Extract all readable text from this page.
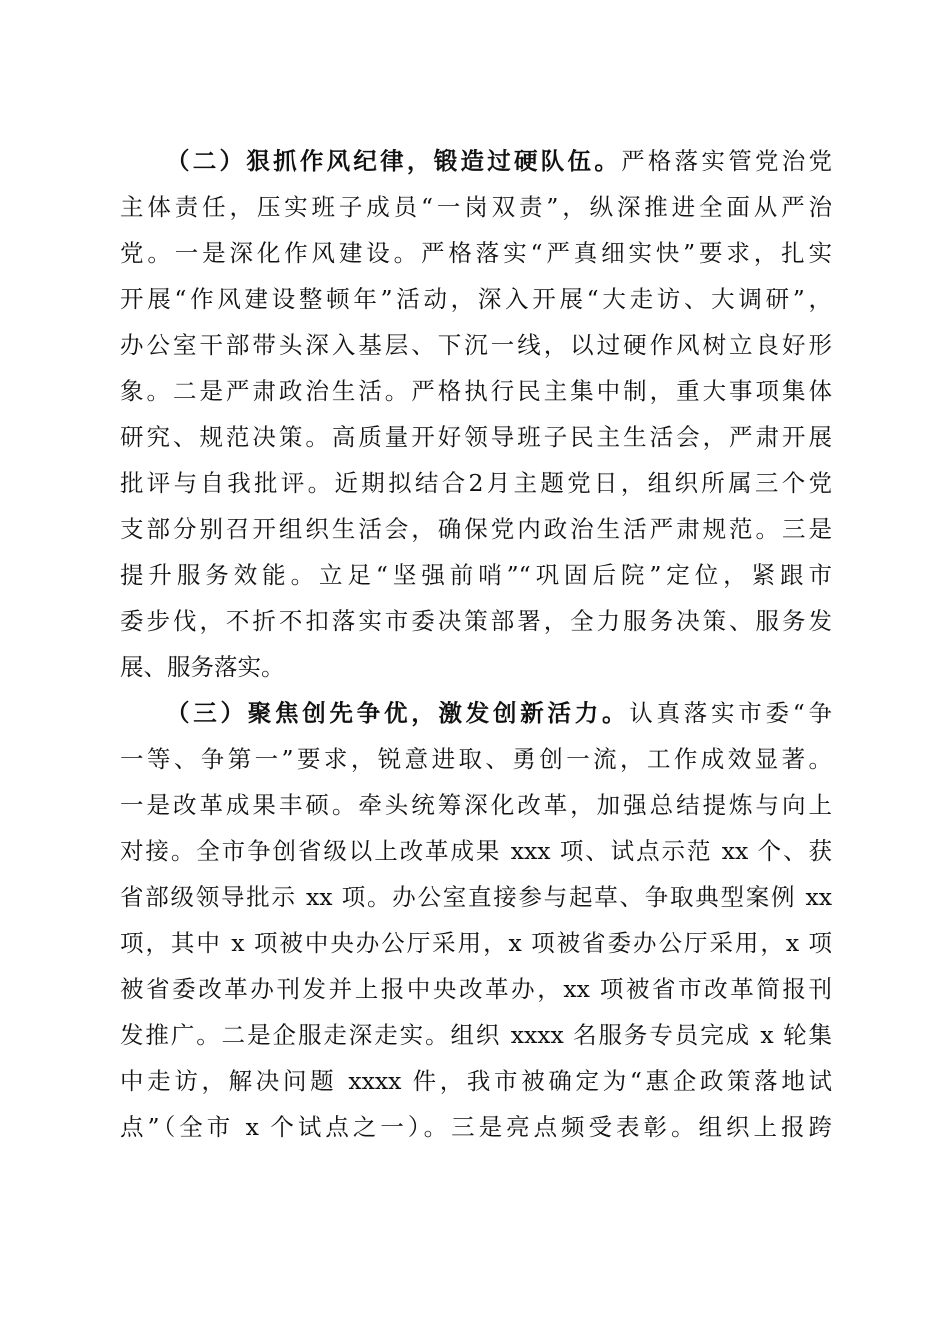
（二）狠抓作风纪律，锻造过硬队伍。严格落实管党治党
主体责任，压实班子成员“一岗双责”，纵深推进全面从严治
党。一是深化作风建设。严格落实“严真细实快”要求，扎实
开展“作风建设整顿年”活动，深入开展“大走访、大调研”，
办公室干部带头深入基层、下沉一线，以过硬作风树立良好形
象。二是严肃政治生活。严格执行民主集中制，重大事项集体
研究、规范决策。高质量开好领导班子民主生活会，严肃开展
批评与自我批评。近期拟结合2月主题党日，组织所属三个党
支部分别召开组织生活会，确保党内政治生活严肃规范。三是
提升服务效能。立足“坚强前哨”“巩固后院”定位，紧跟市
委步伐，不折不扣落实市委决策部署，全力服务决策、服务发
展、服务落实。
（三）聚焦创先争优，激发创新活力。认真落实市委“争
一等、争第一”要求，锐意进取、勇创一流，工作成效显著。
一是改革成果丰硕。牵头统筹深化改革，加强总结提炼与向上
对接。全市争创省级以上改革成果 xxx 项、试点示范 xx 个、获
省部级领导批示 xx 项。办公室直接参与起草、争取典型案例 xx
项，其中 x 项被中央办公厅采用，x 项被省委办公厅采用，x 项
被省委改革办刊发并上报中央改革办，xx 项被省市改革简报刊
发推广。二是企服走深走实。组织 xxxx 名服务专员完成 x 轮集
中走访，解决问题 xxxx 件，我市被确定为“惠企政策落地试
点”（全市 x 个试点之一）。三是亮点频受表彰。组织上报跨
